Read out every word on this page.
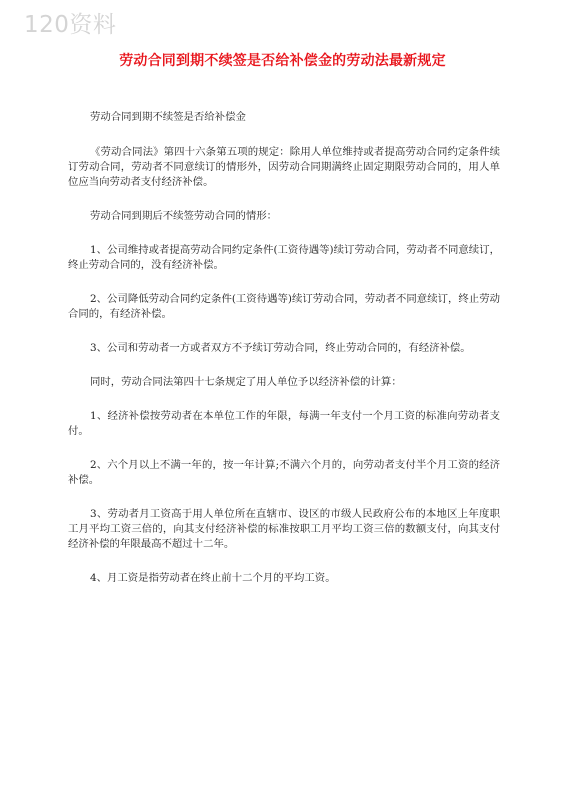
120资料
劳动合同到期不续签是否给补偿金的劳动法最新规定

劳动合同到期不续签是否给补偿金

《劳动合同法》第四十六条第五项的规定：除用人单位维持或者提高劳动合同约定条件续订劳动合同，劳动者不同意续订的情形外，因劳动合同期满终止固定期限劳动合同的，用人单位应当向劳动者支付经济补偿。

劳动合同到期后不续签劳动合同的情形：

1、公司维持或者提高劳动合同约定条件(工资待遇等)续订劳动合同，劳动者不同意续订，终止劳动合同的，没有经济补偿。

2、公司降低劳动合同约定条件(工资待遇等)续订劳动合同，劳动者不同意续订，终止劳动合同的，有经济补偿。

3、公司和劳动者一方或者双方不予续订劳动合同，终止劳动合同的，有经济补偿。

同时，劳动合同法第四十七条规定了用人单位予以经济补偿的计算：

1、经济补偿按劳动者在本单位工作的年限，每满一年支付一个月工资的标准向劳动者支付。

2、六个月以上不满一年的，按一年计算;不满六个月的，向劳动者支付半个月工资的经济补偿。

3、劳动者月工资高于用人单位所在直辖市、设区的市级人民政府公布的本地区上年度职工月平均工资三倍的，向其支付经济补偿的标准按职工月平均工资三倍的数额支付，向其支付经济补偿的年限最高不超过十二年。

4、月工资是指劳动者在终止前十二个月的平均工资。
